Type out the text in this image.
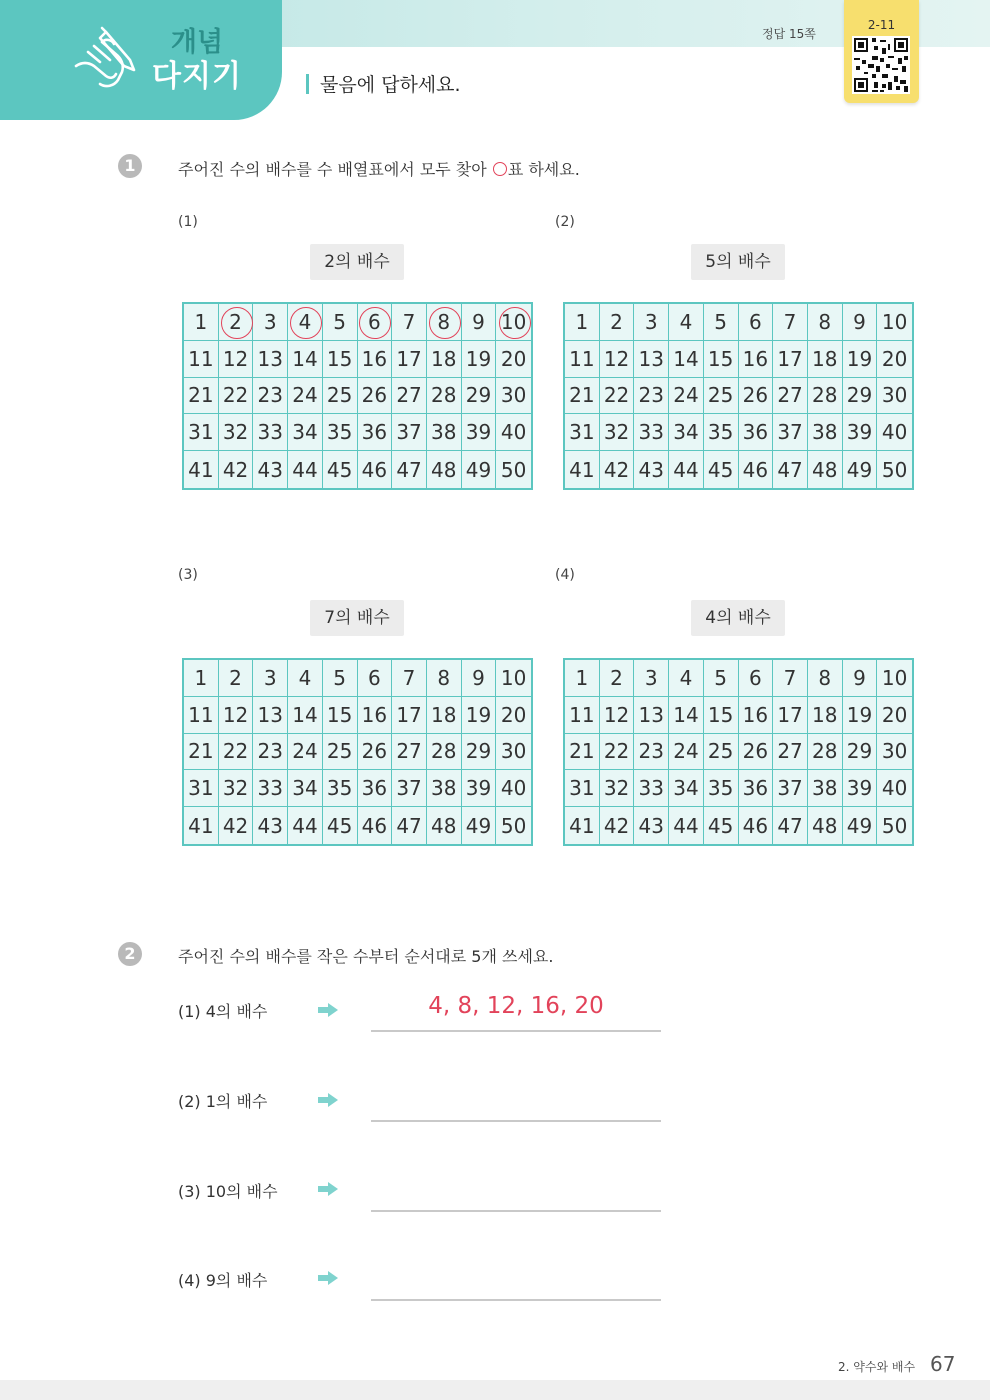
개념
다지기	물음에 답하세요.
정답 15쪽
2-11
1	주어진 수의 배수를 수 배열표에서 모두 찾아 ○표 하세요.
(1)	(2)
2의 배수	5의 배수
1	2	3	4	5	6	7	8	9 10
11 12 13 14 15 16 17 18 19 20
21 22 23 24 25 26 27 28 29 30
31 32 33 34 35 36 37 38 39 40
41 42 43 44 45 46 47 48 49 50
1	2	3	4	5	6	7	8	9 10
11 12 13 14 15 16 17 18 19 20
21 22 23 24 25 26 27 28 29 30
31 32 33 34 35 36 37 38 39 40
41 42 43 44 45 46 47 48 49 50
(3)	(4)
7의 배수	4의 배수
1	2	3	4	5	6	7	8	9 10
11 12 13 14 15 16 17 18 19 20
21 22 23 24 25 26 27 28 29 30
31 32 33 34 35 36 37 38 39 40
41 42 43 44 45 46 47 48 49 50
1	2	3	4	5	6	7	8	9 10
11 12 13 14 15 16 17 18 19 20
21 22 23 24 25 26 27 28 29 30
31 32 33 34 35 36 37 38 39 40
41 42 43 44 45 46 47 48 49 50
2	주어진 수의 배수를 작은 수부터 순서대로 5개 쓰세요.
(1) 4의 배수	4, 8, 12, 16, 20
(2) 1의 배수
(3) 10의 배수
(4) 9의 배수
2. 약수와 배수 67
